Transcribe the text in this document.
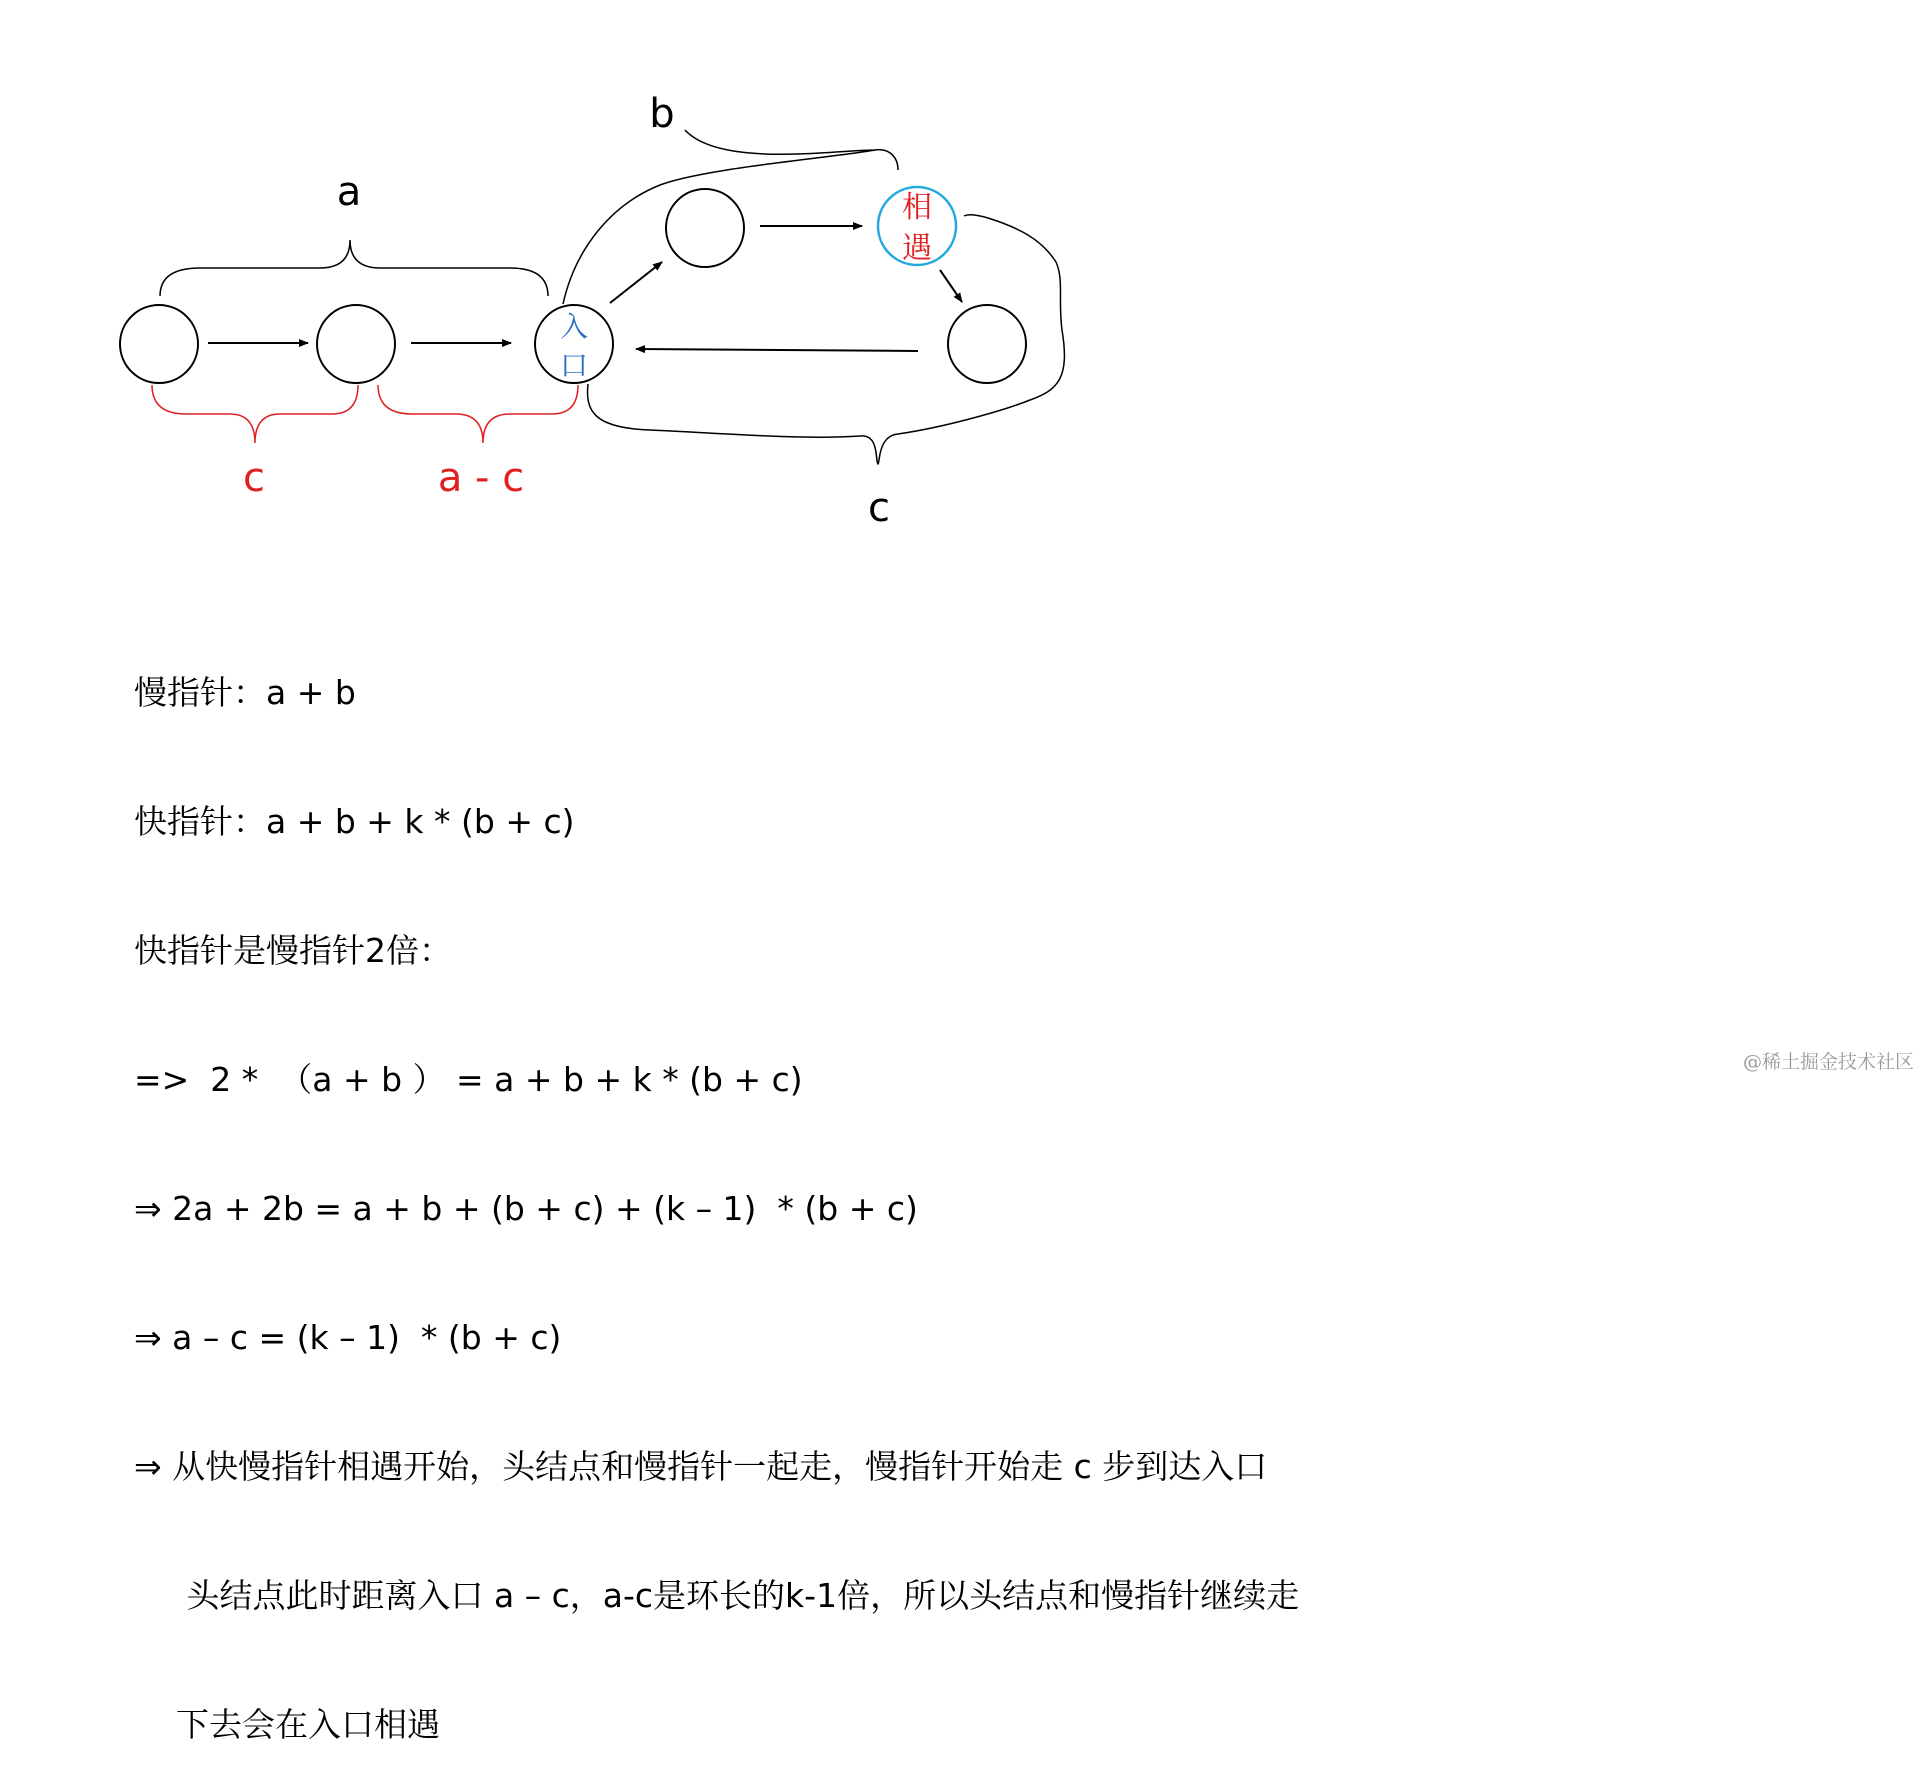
入
口
相
遇
a
b
c	a - c
c

慢指针：a + b

快指针：a + b + k * (b + c)

快指针是慢指针2倍：

=>  2 *  （a + b ） = a + b + k * (b + c)

⇒ 2a + 2b = a + b + (b + c) + (k – 1)  * (b + c)

⇒ a – c = (k – 1)  * (b + c)

⇒ 从快慢指针相遇开始，头结点和慢指针一起走，慢指针开始走 c 步到达入口

头结点此时距离入口 a – c，a-c是环长的k-1倍，所以头结点和慢指针继续走

下去会在入口相遇

@稀土掘金技术社区
